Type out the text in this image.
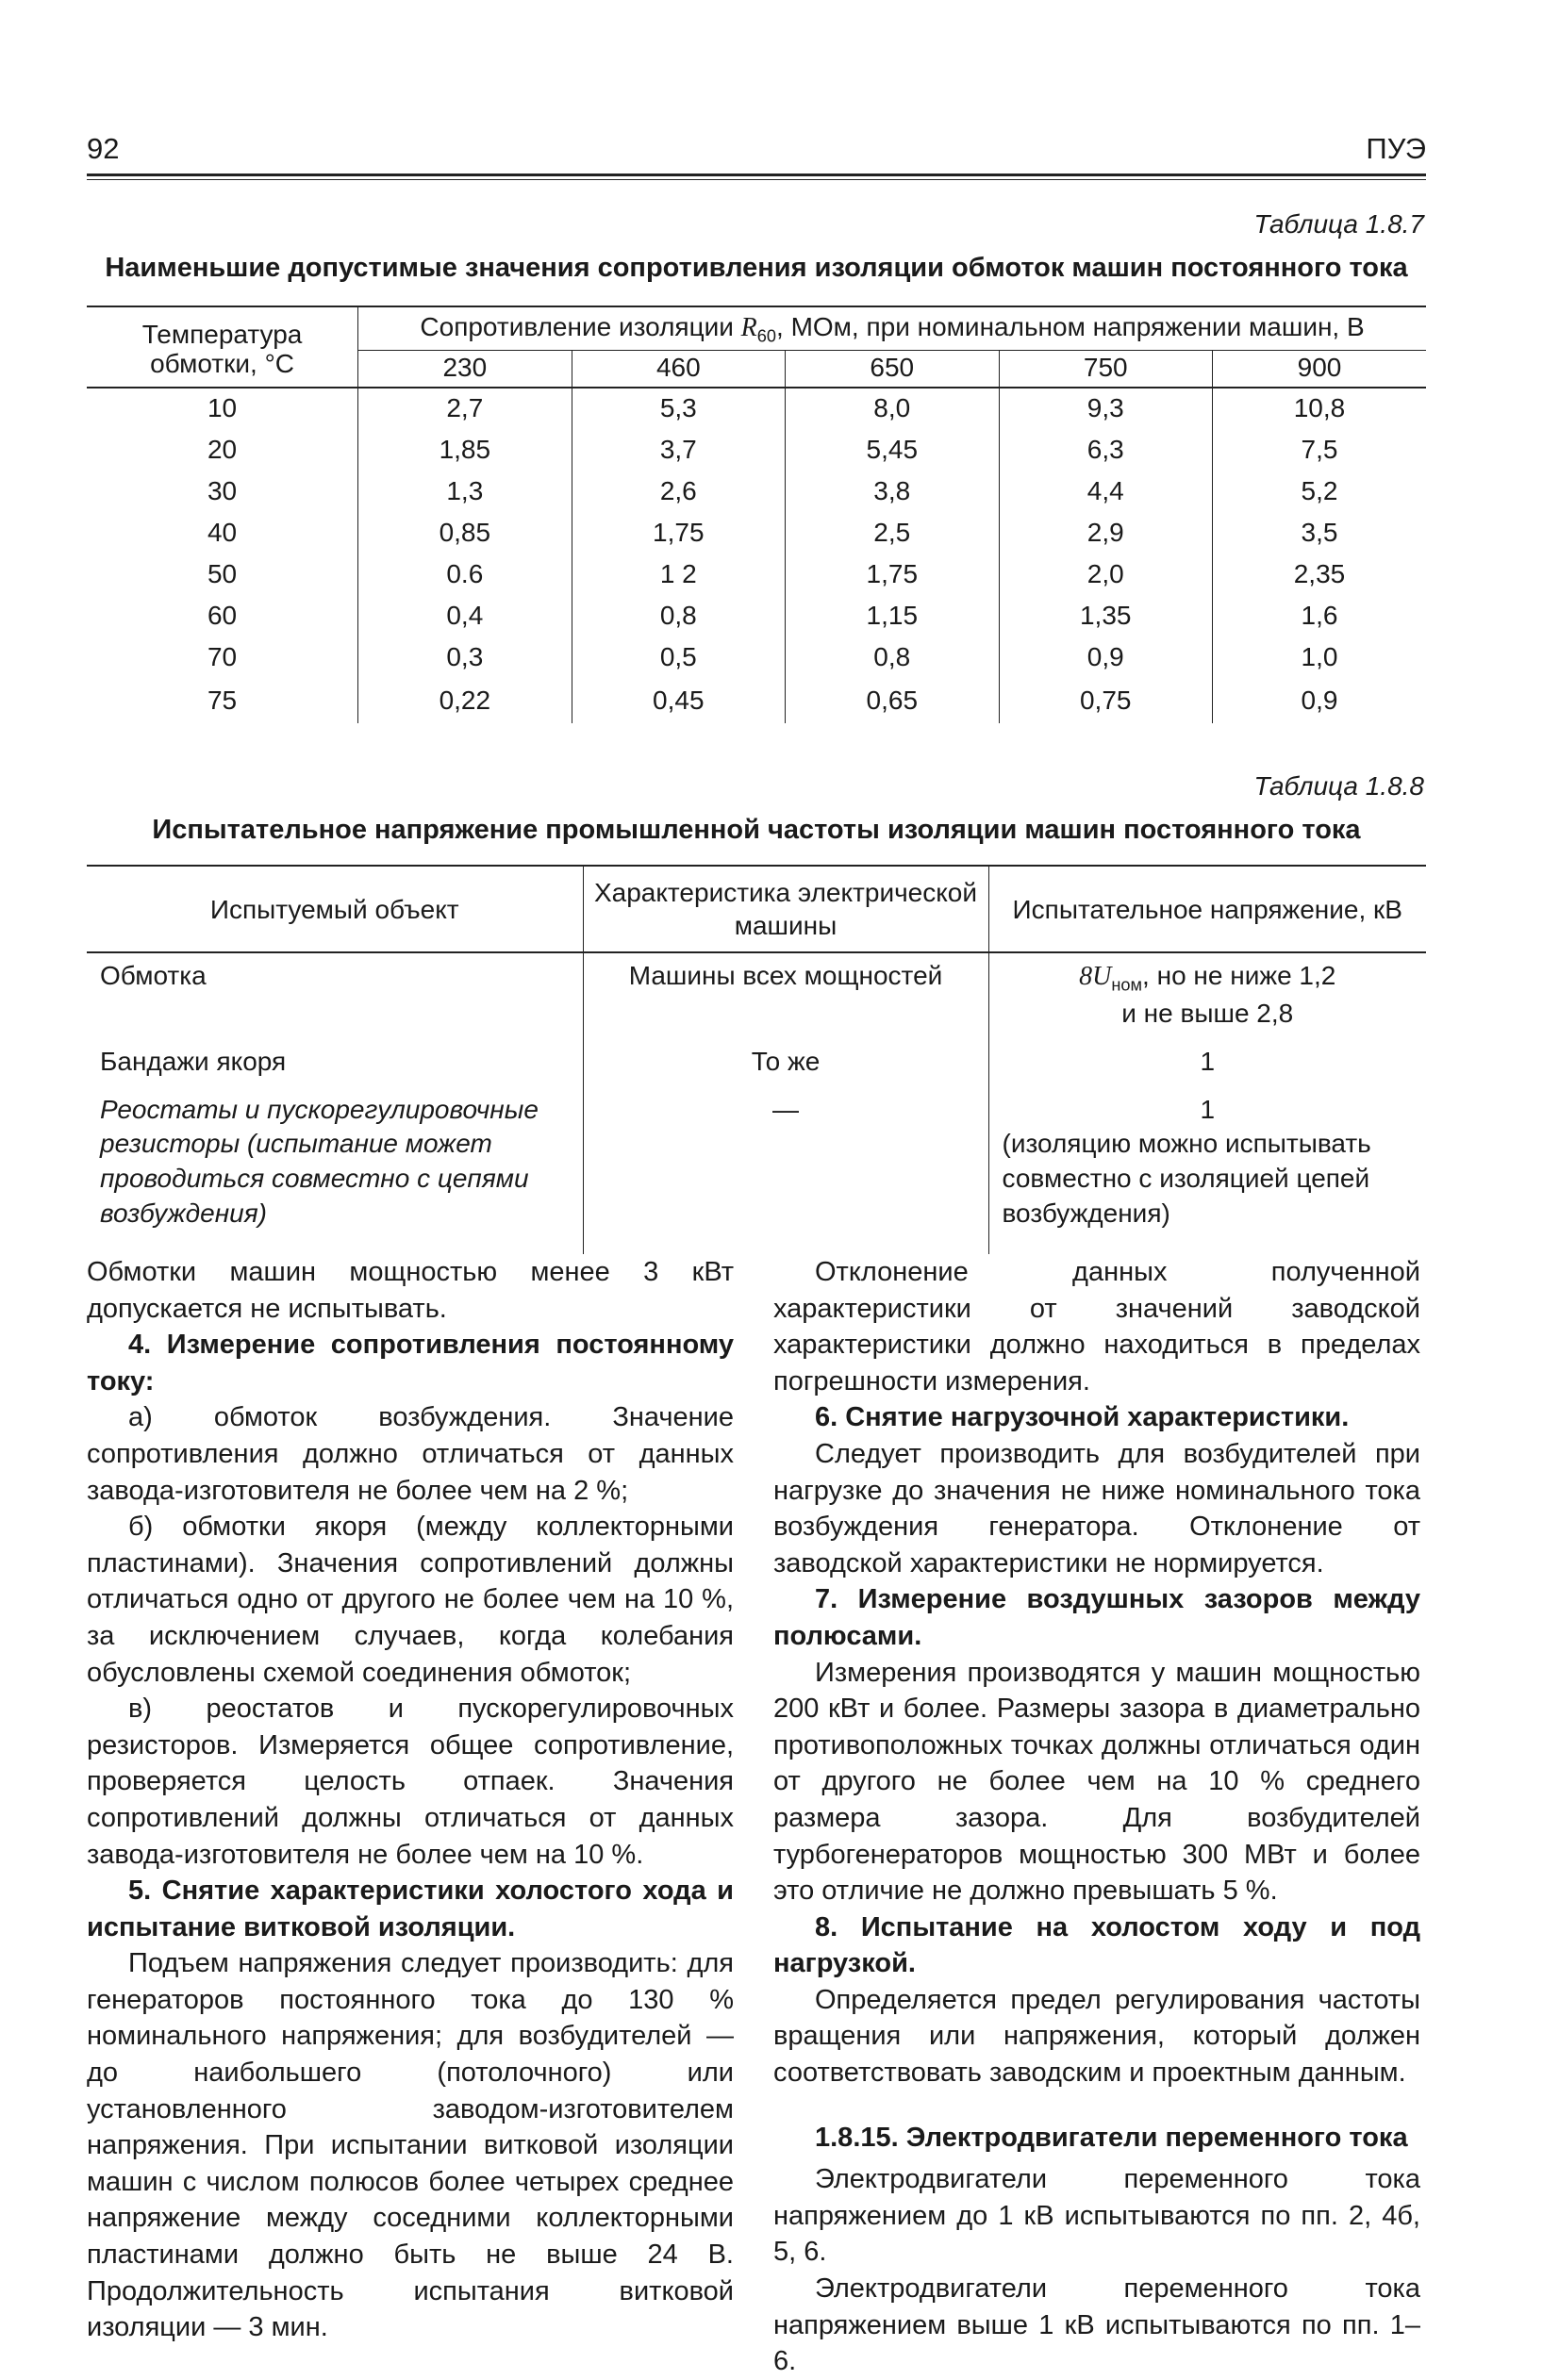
92	ПУЭ
Таблица 1.8.7
Наименьшие допустимые значения сопротивления изоляции обмоток машин постоянного тока
Температура обмотки, °С	Сопротивление изоляции $R_{60}$, МОм, при номинальном напряжении машин, В				
	230	460	650	750	900
10	2,7	5,3	8,0	9,3	10,8
20	1,85	3,7	5,45	6,3	7,5
30	1,3	2,6	3,8	4,4	5,2
40	0,85	1,75	2,5	2,9	3,5
50	0.6	1 2	1,75	2,0	2,35
60	0,4	0,8	1,15	1,35	1,6
70	0,3	0,5	0,8	0,9	1,0
75	0,22	0,45	0,65	0,75	0,9
Таблица 1.8.8
Испытательное напряжение промышленной частоты изоляции машин постоянного тока
Испытуемый объект	Характеристика электрической машины	Испытательное напряжение, кВ
Обмотка	Машины всех мощностей	$8U_{ном}$, но не ниже 1,2
и не выше 2,8
Бандажи якоря	То же	1
Реостаты и пускорегулировочные резисторы (испытание может проводиться совместно с цепями возбуждения)	—	1
(изоляцию можно испытывать совместно с изоляцией цепей возбуждения)

Обмотки машин мощностью менее 3 кВт допускается не испытывать.

4. Измерение сопротивления постоянному току:

а) обмоток возбуждения. Значение сопротивления должно отличаться от данных завода-изготовителя не более чем на 2 %;

б) обмотки якоря (между коллекторными пластинами). Значения сопротивлений должны отличаться одно от другого не более чем на 10 %, за исключением случаев, когда колебания обусловлены схемой соединения обмоток;

в) реостатов и пускорегулировочных резисторов. Измеряется общее сопротивление, проверяется целость отпаек. Значения сопротивлений должны отличаться от данных завода-изготовителя не более чем на 10 %.

5. Снятие характеристики холостого хода и испытание витковой изоляции.

Подъем напряжения следует производить: для генераторов постоянного тока до 130 % номинального напряжения; для возбудителей — до наибольшего (потолочного) или установленного заводом-изготовителем напряжения. При испытании витковой изоляции машин с числом полюсов более четырех среднее напряжение между соседними коллекторными пластинами должно быть не выше 24 В. Продолжительность испытания витковой изоляции — 3 мин.

Отклонение данных полученной характеристики от значений заводской характеристики должно находиться в пределах погрешности измерения.

6. Снятие нагрузочной характеристики.

Следует производить для возбудителей при нагрузке до значения не ниже номинального тока возбуждения генератора. Отклонение от заводской характеристики не нормируется.

7. Измерение воздушных зазоров между полюсами.

Измерения производятся у машин мощностью 200 кВт и более. Размеры зазора в диаметрально противоположных точках должны отличаться один от другого не более чем на 10 % среднего размера зазора. Для возбудителей турбогенераторов мощностью 300 МВт и более это отличие не должно превышать 5 %.

8. Испытание на холостом ходу и под нагрузкой.

Определяется предел регулирования частоты вращения или напряжения, который должен соответствовать заводским и проектным данным.

1.8.15. Электродвигатели переменного тока

Электродвигатели переменного тока напряжением до 1 кВ испытываются по пп. 2, 4б, 5, 6.

Электродвигатели переменного тока напряжением выше 1 кВ испытываются по пп. 1–6.
